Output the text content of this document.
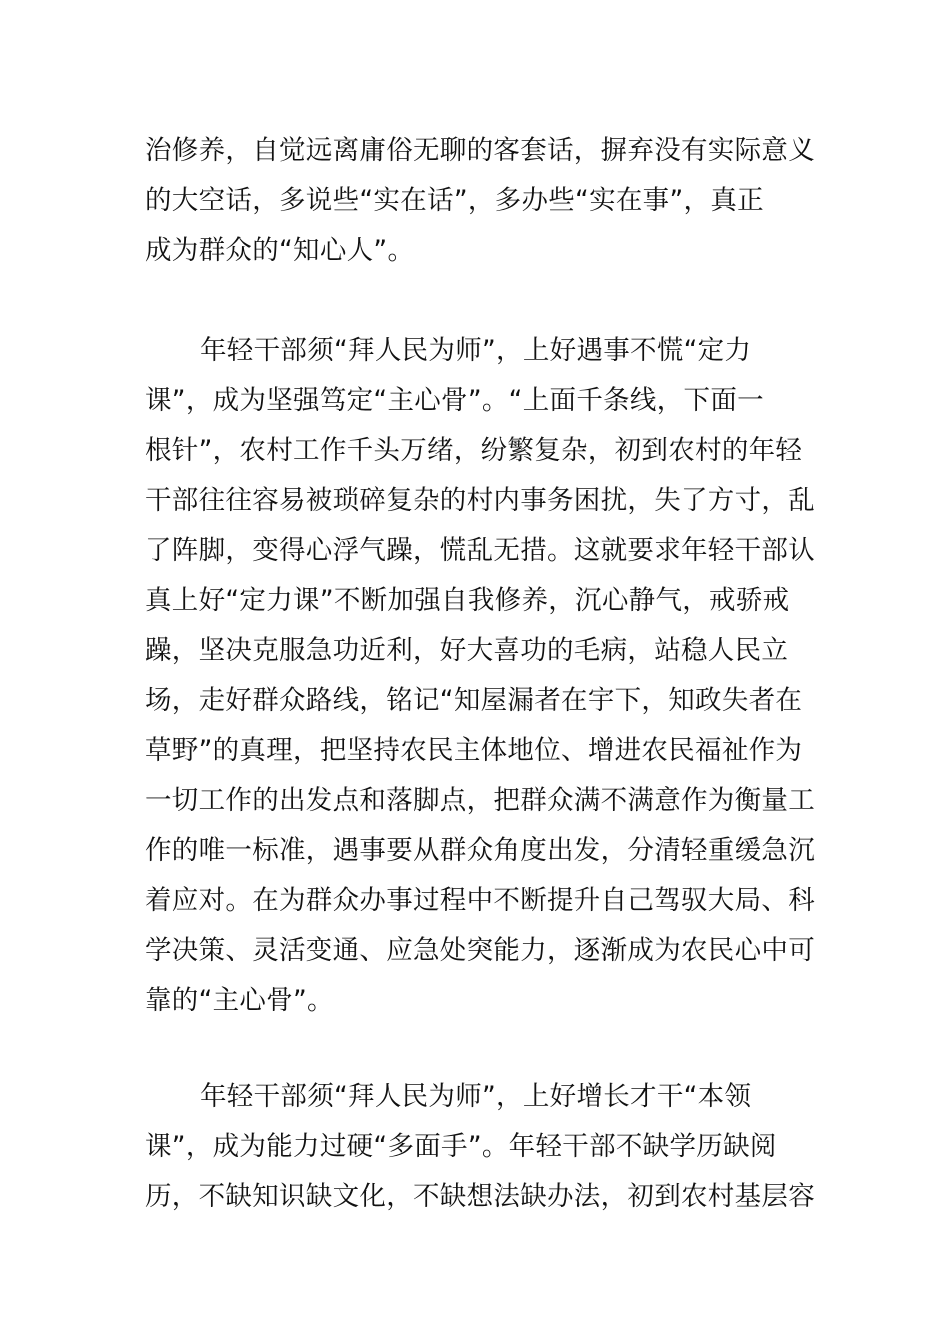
治修养，自觉远离庸俗无聊的客套话，摒弃没有实际意义
的大空话，多说些“实在话”，多办些“实在事”，真正
成为群众的“知心人”。
年轻干部须“拜人民为师”，上好遇事不慌“定力
课”，成为坚强笃定“主心骨”。“上面千条线，下面一
根针”，农村工作千头万绪，纷繁复杂，初到农村的年轻
干部往往容易被琐碎复杂的村内事务困扰，失了方寸，乱
了阵脚，变得心浮气躁，慌乱无措。这就要求年轻干部认
真上好“定力课”不断加强自我修养，沉心静气，戒骄戒
躁，坚决克服急功近利，好大喜功的毛病，站稳人民立
场，走好群众路线，铭记“知屋漏者在宇下，知政失者在
草野”的真理，把坚持农民主体地位、增进农民福祉作为
一切工作的出发点和落脚点，把群众满不满意作为衡量工
作的唯一标准，遇事要从群众角度出发，分清轻重缓急沉
着应对。在为群众办事过程中不断提升自己驾驭大局、科
学决策、灵活变通、应急处突能力，逐渐成为农民心中可
靠的“主心骨”。
年轻干部须“拜人民为师”，上好增长才干“本领
课”，成为能力过硬“多面手”。年轻干部不缺学历缺阅
历，不缺知识缺文化，不缺想法缺办法，初到农村基层容
